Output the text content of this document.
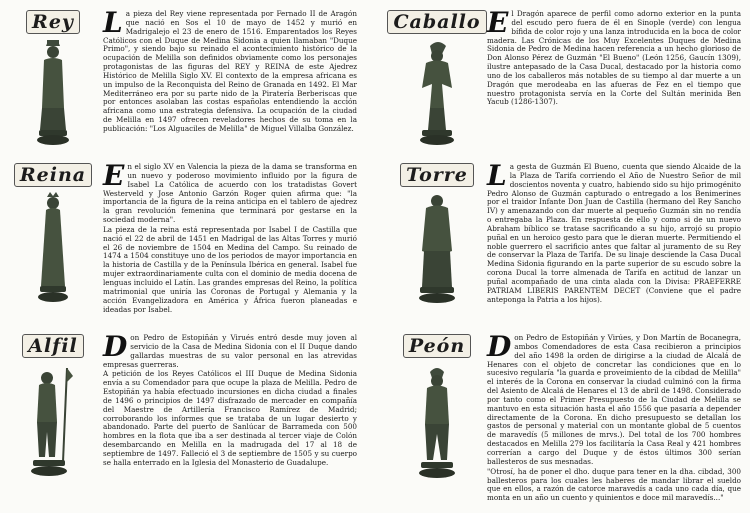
Rey La pieza del Rey viene representada por Fernado II de Aragón que nació en Sos el 10 de mayo de 1452 y murió en Madrigalejo el 23 de enero de 1516. Emparentados los Reyes Católicos con el Duque de Medina Sidonia a quien llamaban "Duque Primo", y siendo bajo su reinado el acontecimiento histórico de la ocupación de Melilla son definidos obviamente como los personajes protagonistas de las figuras del REY y REINA de este Ajedrez Histórico de Melilla Siglo XV. El contexto de la empresa africana es un impulso de la Reconquista del Reino de Granada en 1492. El Mar Mediterráneo era por su parte nido de la Piratería Berberiscas que por entonces asolaban las costas españolas entendiendo la acción africana como una estrategia defensiva. La ocupación de la ciudad de Melilla en 1497 ofrecen reveladores hechos de su toma en la publicación: "Los Alguaciles de Melilla" de Miguel Villalba González.

Reina En el siglo XV en Valencia la pieza de la dama se transforma en un nuevo y poderoso movimiento influido por la figura de Isabel La Católica de acuerdo con los tratadistas Govert Westerveld y Jose Antonio Garzón Roger quien afirma que: "la importancia de la figura de la reina anticipa en el tablero de ajedrez la gran revolución femenina que terminará por gestarse en la sociedad moderna".

La pieza de la reina está representada por Isabel I de Castilla que nació el 22 de abril de 1451 en Madrigal de las Altas Torres y murió el 26 de noviembre de 1504 en Medina del Campo. Su reinado de 1474 a 1504 constituye uno de los periodos de mayor importancia en la historia de Castilla y de la Península Ibérica en general. Isabel fue mujer extraordinariamente culta con el dominio de media docena de lenguas incluido el Latín. Las grandes empresas del Reino, la política matrimonial que uniría las Coronas de Portugal y Alemania y la acción Evangelizadora en América y África fueron planeadas e ideadas por Isabel.

Alfil Don Pedro de Estopiñán y Virués entró desde muy joven al servicio de la Casa de Medina Sidonia con el II Duque dando gallardas muestras de su valor personal en las atrevidas empresas guerreras.

A petición de los Reyes Católicos el III Duque de Medina Sidonia envía a su Comendador para que ocupe la plaza de Melilla. Pedro de Estopiñán ya había efectuado incursiones en dicha ciudad a finales de 1496 o principios de 1497 disfrazado de mercader en compañía del Maestre de Artillería Francisco Ramírez de Madrid; corroborando los informes que se trataba de un lugar desierto y abandonado. Parte del puerto de Sanlúcar de Barrameda con 500 hombres en la flota que iba a ser destinada al tercer viaje de Colón desembarcando en Melilla en la madrugada del 17 al 18 de septiembre de 1497. Falleció el 3 de septiembre de 1505 y su cuerpo se halla enterrado en la Iglesia del Monasterio de Guadalupe.

Caballo El Dragón aparece de perfil como adorno exterior en la punta del escudo pero fuera de él en Sinople (verde) con lengua bífida de color rojo y una lanza introducida en la boca de color madera. Las Crónicas de los Muy Excelentes Duques de Medina Sidonia de Pedro de Medina hacen referencia a un hecho glorioso de Don Alonso Pérez de Guzmán "El Bueno" (León 1256, Gaucín 1309), ilustre antepasado de la Casa Ducal, destacado por la historia como uno de los caballeros más notables de su tiempo al dar muerte a un Dragón que merodeaba en las afueras de Fez en el tiempo que nuestro protagonista servía en la Corte del Sultán merinida Ben Yacub (1286-1307).

Torre La gesta de Guzmán El Bueno, cuenta que siendo Alcaide de la la Plaza de Tarifa corriendo el Año de Nuestro Señor de mil doscientos noventa y cuatro, habiendo sido su hijo primogénito Pedro Alonso de Guzmán capturado o entregado a los Benimerines por el traidor Infante Don Juan de Castilla (hermano del Rey Sancho IV) y amenazando con dar muerte al pequeño Guzmán sin no rendía o entregaba la Plaza. En respuesta de ello y como si de un nuevo Abraham bíblico se tratase sacrificando a su hijo, arrojó su propio puñal en un heroico gesto para que le dieran muerte. Permitiendo el noble guerrero el sacrificio antes que faltar al juramento de su Rey de conservar la Plaza de Tarifa. De su linaje desciende la Casa Ducal Medina Sidonia figurando en la parte superior de su escudo sobre la corona Ducal la torre almenada de Tarifa en actitud de lanzar un puñal acompañado de una cinta alada con la Divisa: PRAEFERRE PATRIAM LIBERIS PARENTEM DECET (Conviene que el padre anteponga la Patria a los hijos).

Peón Don Pedro de Estopiñán y Virúes, y Don Martín de Bocanegra, ambos Comendadores de esta Casa recibieron a principios del año 1498 la orden de dirigirse a la ciudad de Alcalá de Henares con el objeto de concretar las condiciones que en lo sucesivo regularía "la guarda e proveimiento de la cibdad de Melilla" el interés de la Corona en conservar la ciudad culminó con la firma del Asiento de Alcalá de Henares el 13 de abril de 1498. Considerado por tanto como el Primer Presupuesto de la Ciudad de Melilla se mantuvo en esta situación hasta el año 1556 que pasaría a depender directamente de la Corona. En dicho presupuesto se detallan los gastos de personal y material con un montante global de 5 cuentos de maravedís (5 millones de mrvs.). Del total de los 700 hombres destacados en Melilla 279 los facilitaría la Casa Real y 421 hombres correrían a cargo del Duque y de éstos últimos 300 serían ballesteros de sus mesnadas.

"Otrosí, ha de poner el dho. duque para tener en la dha. cibdad, 300 ballesteros para los cuales les haberes de mandar librar el sueldo que en ellos, a razón de catorce maravedís a cada uno cada día, que monta en un año un cuento y quinientos e doce mil maravedís..."
